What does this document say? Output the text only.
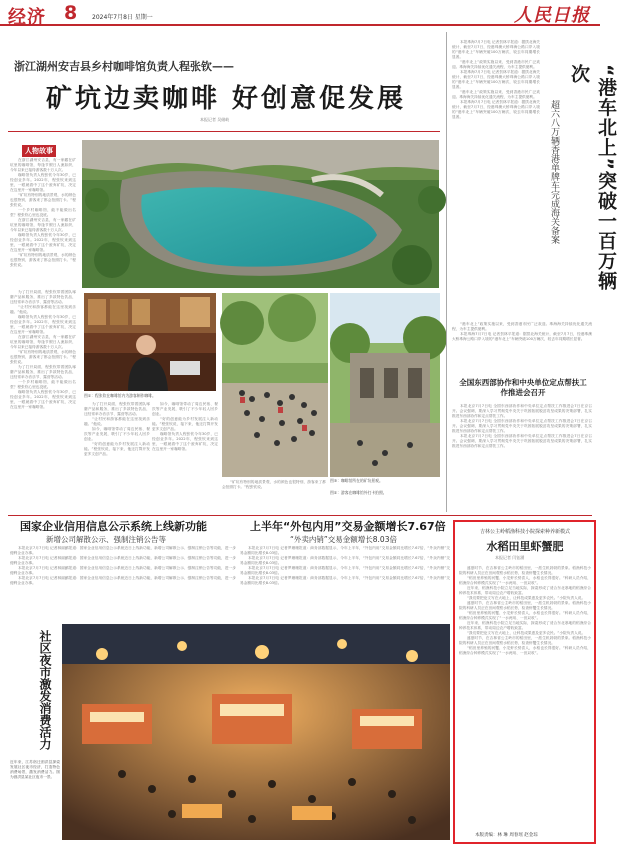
经济 8 2024年7月8日 星期一	人民日报
浙江湖州安吉县乡村咖啡馆负责人程张钦——
矿坑边卖咖啡 好创意促发展
本报记者 吴储岐
人物故事

在浙江湖州安吉县，有一家藏在矿坑里的咖啡馆，每逢节假日人流如织，今年以来已接待游客数十万人次。

咖啡馆负责人程张钦今年30岁，已经创业多年。2022年，程张钦来到这里，一眼就看中了这个废弃矿坑，决定在这里开一家咖啡馆。

“矿坑有特别的地质景观，水的颜色也很特别，游客来了都会拍照打卡。”程张钦说。

一个乡村咖啡馆，能不能做出名堂？程张钦心里也没底。

在浙江湖州安吉县，有一家藏在矿坑里的咖啡馆，每逢节假日人流如织，今年以来已接待游客数十万人次。

咖啡馆负责人程张钦今年30岁，已经创业多年。2022年，程张钦来到这里，一眼就看中了这个废弃矿坑，决定在这里开一家咖啡馆。

“矿坑有特别的地质景观，水的颜色也很特别，游客来了都会拍照打卡。”程张钦说。

为了打开局面，程张钦带着团队琢磨产品和服务，推出了多款特色饮品，还经常举办音乐节、露营等活动。

“让村民和游客都能在这里找到乐趣。”他说。

咖啡馆负责人程张钦今年30岁，已经创业多年。2022年，程张钦来到这里，一眼就看中了这个废弃矿坑，决定在这里开一家咖啡馆。

在浙江湖州安吉县，有一家藏在矿坑里的咖啡馆，每逢节假日人流如织，今年以来已接待游客数十万人次。

“矿坑有特别的地质景观，水的颜色也很特别，游客来了都会拍照打卡。”程张钦说。

为了打开局面，程张钦带着团队琢磨产品和服务，推出了多款特色饮品，还经常举办音乐节、露营等活动。

一个乡村咖啡馆，能不能做出名堂？程张钦心里也没底。

咖啡馆负责人程张钦今年30岁，已经创业多年。2022年，程张钦来到这里，一眼就看中了这个废弃矿坑，决定在这里开一家咖啡馆。

图①：程张钦在咖啡馆内为游客制作咖啡。

为了打开局面，程张钦带着团队琢磨产品和服务，推出了多款特色饮品，还经常举办音乐节、露营等活动。

“让村民和游客都能在这里找到乐趣。”他说。

如今，咖啡馆带动了周边民宿、餐饮等产业发展，吸引了不少年轻人回乡创业。

“好的创意能为乡村发展注入新动能。”程张钦说，接下来，他还打算开发更多文创产品。

如今，咖啡馆带动了周边民宿、餐饮等产业发展，吸引了不少年轻人回乡创业。

“好的创意能为乡村发展注入新动能。”程张钦说，接下来，他还打算开发更多文创产品。

咖啡馆负责人程张钦今年30岁，已经创业多年。2022年，程张钦来到这里，一眼就看中了这个废弃矿坑，决定在这里开一家咖啡馆。

图③：咖啡馆所在的矿坑景观。
图②：游客在咖啡馆外打卡拍照。

“矿坑有特别的地质景观，水的颜色也很特别，游客来了都会拍照打卡。”程张钦说。

本报珠海7月7日电 记者贺林平报道：据拱北海关统计，截至7月7日，经港珠澳大桥珠海公路口岸入境的“港车北上”车辆突破100万辆次，较去年同期增长显著。

“港车北上”政策实施以来，受到香港市民广泛欢迎。珠海海关持续优化通关流程，为车主提供便利。

本报珠海7月7日电 记者贺林平报道：据拱北海关统计，截至7月7日，经港珠澳大桥珠海公路口岸入境的“港车北上”车辆突破100万辆次，较去年同期增长显著。

“港车北上”政策实施以来，受到香港市民广泛欢迎。珠海海关持续优化通关流程，为车主提供便利。

本报珠海7月7日电 记者贺林平报道：据拱北海关统计，截至7月7日，经港珠澳大桥珠海公路口岸入境的“港车北上”车辆突破100万辆次，较去年同期增长显著。	“港车北上”突破一百万辆次
超六八万辆香港单牌车完成海关备案

“港车北上”政策实施以来，受到香港市民广泛欢迎。珠海海关持续优化通关流程，为车主提供便利。

本报珠海7月7日电 记者贺林平报道：据拱北海关统计，截至7月7日，经港珠澳大桥珠海公路口岸入境的“港车北上”车辆突破100万辆次，较去年同期增长显著。

全国东西部协作和中央单位定点帮扶工作推进会召开

本报北京7月7日电 全国东西部协作和中央单位定点帮扶工作推进会7日在京召开。会议强调，要深入学习贯彻党中央关于巩固拓展脱贫攻坚成果的决策部署，扎实推进东西部协作和定点帮扶工作。

本报北京7月7日电 全国东西部协作和中央单位定点帮扶工作推进会7日在京召开。会议强调，要深入学习贯彻党中央关于巩固拓展脱贫攻坚成果的决策部署，扎实推进东西部协作和定点帮扶工作。

本报北京7月7日电 全国东西部协作和中央单位定点帮扶工作推进会7日在京召开。会议强调，要深入学习贯彻党中央关于巩固拓展脱贫攻坚成果的决策部署，扎实推进东西部协作和定点帮扶工作。

国家企业信用信息公示系统上线新功能
新增公司解散公示、强制注销公告等

本报北京7月7日电 记者林丽鹂报道：国家企业信用信息公示系统近日上线新功能，新增公司解散公示、强制注销公告等功能，进一步便利企业办事。

本报北京7月7日电 记者林丽鹂报道：国家企业信用信息公示系统近日上线新功能，新增公司解散公示、强制注销公告等功能，进一步便利企业办事。

本报北京7月7日电 记者林丽鹂报道：国家企业信用信息公示系统近日上线新功能，新增公司解散公示、强制注销公告等功能，进一步便利企业办事。

本报北京7月7日电 记者林丽鹂报道：国家企业信用信息公示系统近日上线新功能，新增公司解散公示、强制注销公告等功能，进一步便利企业办事。

上半年“外包内用”交易金额增长7.67倍
“外卖内销”交易金额增长8.03倍

本报北京7月7日电 记者罗珊珊报道：商务部数据显示，今年上半年，“外包内用”交易金额同比增长7.67倍，“外卖内销”交易金额同比增长8.03倍。

本报北京7月7日电 记者罗珊珊报道：商务部数据显示，今年上半年，“外包内用”交易金额同比增长7.67倍，“外卖内销”交易金额同比增长8.03倍。

本报北京7月7日电 记者罗珊珊报道：商务部数据显示，今年上半年，“外包内用”交易金额同比增长7.67倍，“外卖内销”交易金额同比增长8.03倍。

本报北京7月7日电 记者罗珊珊报道：商务部数据显示，今年上半年，“外包内用”交易金额同比增长7.67倍，“外卖内销”交易金额同比增长8.03倍。

社区夜市激发消费活力
近年来，江苏宿迁泗洪县探索发展社区夜市经济，打造特色消费场景，激发消费活力。图为泗洪县某社区夜市一景。
吉林公主岭稻渔科技小院探索种养新模式
水稻田里虾蟹肥
本报记者 闫钰涵

盛夏时节，在吉林省公主岭市的稻田里，一派生机勃勃的景象。稻渔科技小院的科研人员正在田间观察水稻长势，检查虾蟹生长情况。

“稻田里养殖的河蟹、小龙虾长势喜人，水稻也长得很好。”科研人员介绍，稻渔综合种养模式实现了“一水两用、一田双收”。

近年来，稻渔科技小院立足当地实际，探索形成了适合东北寒地的稻渔综合种养技术体系，带动周边农户增收致富。

“我们要把论文写在大地上，让科技成果惠及更多农民。”小院负责人说。

盛夏时节，在吉林省公主岭市的稻田里，一派生机勃勃的景象。稻渔科技小院的科研人员正在田间观察水稻长势，检查虾蟹生长情况。

“稻田里养殖的河蟹、小龙虾长势喜人，水稻也长得很好。”科研人员介绍，稻渔综合种养模式实现了“一水两用、一田双收”。

近年来，稻渔科技小院立足当地实际，探索形成了适合东北寒地的稻渔综合种养技术体系，带动周边农户增收致富。

“我们要把论文写在大地上，让科技成果惠及更多农民。”小院负责人说。

盛夏时节，在吉林省公主岭市的稻田里，一派生机勃勃的景象。稻渔科技小院的科研人员正在田间观察水稻长势，检查虾蟹生长情况。

“稻田里养殖的河蟹、小龙虾长势喜人，水稻也长得很好。”科研人员介绍，稻渔综合种养模式实现了“一水两用、一田双收”。

本版责编：林 琳 周春瑶 赵金琮
